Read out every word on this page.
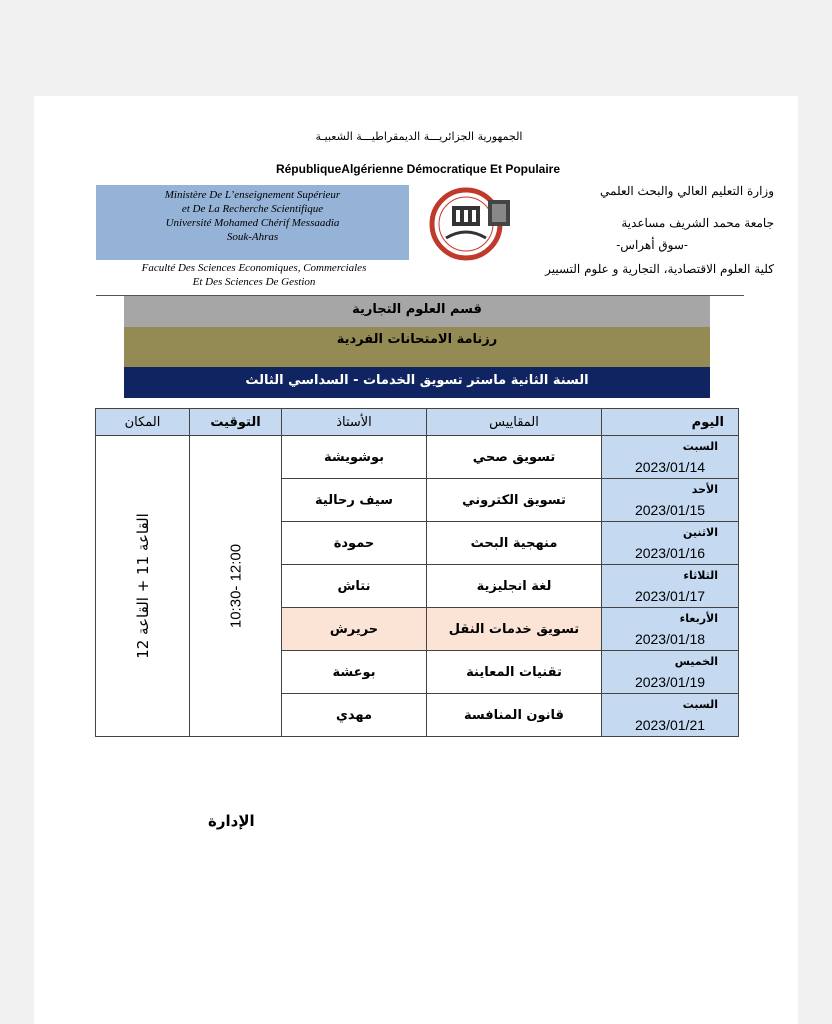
الجمهورية الجزائريـــة الديمقراطيـــة الشعبيـة
RépubliqueAlgérienne Démocratique Et Populaire
Ministère De L’enseignement Supérieur
et De La Recherche Scientifique
Université Mohamed Chérif Messaadia
Souk-Ahras
Faculté Des Sciences Economiques, Commerciales
Et Des Sciences De Gestion
وزارة التعليم العالي والبحث العلمي
جامعة محمد الشريف مساعدية
-سوق أهراس-
كلية العلوم الاقتصادية، التجارية و علوم التسيير
قسم العلوم التجارية
رزنامة الامتحانات الفردية
السنة الثانية ماستر تسويق الخدمات - السداسي الثالث
اليوم	المقاييس	الأستاذ	التوقيت	المكان

السبت
2023/01/14	تسويق صحي	بوشويشة	10:30- 12:00	القاعة 11 + القاعة 12

الأحد
2023/01/15	تسويق الكتروني	سيف رحالية		

الاثنين
2023/01/16	منهجية البحث	حمودة		

الثلاثاء
2023/01/17	لغة انجليزية	نتاش		

الأربعاء
2023/01/18	تسويق خدمات النقل	حريرش		

الخميس
2023/01/19	تقنيات المعاينة	بوعشة		

السبت
2023/01/21	قانون المنافسة	مهدي		
الإدارة
